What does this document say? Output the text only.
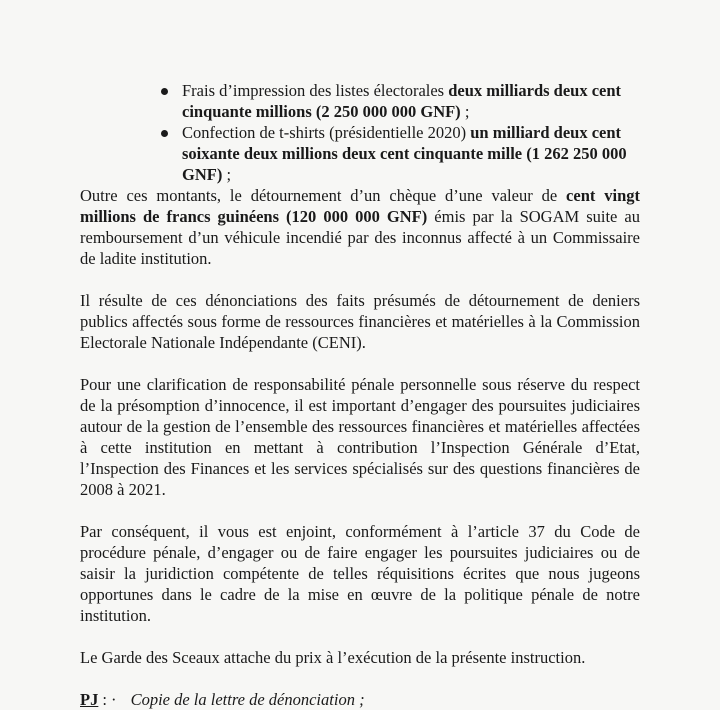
Frais d’impression des listes électorales deux milliards deux cent cinquante millions (2 250 000 000 GNF) ;
Confection de t-shirts (présidentielle 2020) un milliard deux cent soixante deux millions deux cent cinquante mille (1 262 250 000 GNF) ;

Outre ces montants, le détournement d’un chèque d’une valeur de cent vingt millions de francs guinéens (120 000 000 GNF) émis par la SOGAM suite au remboursement d’un véhicule incendié par des inconnus affecté à un Commissaire de ladite institution.

Il résulte de ces dénonciations des faits présumés de détournement de deniers publics affectés sous forme de ressources financières et matérielles à la Commission Electorale Nationale Indépendante (CENI).

Pour une clarification de responsabilité pénale personnelle sous réserve du respect de la présomption d’innocence, il est important d’engager des poursuites judiciaires autour de la gestion de l’ensemble des ressources financières et matérielles affectées à cette institution en mettant à contribution l’Inspection Générale d’Etat, l’Inspection des Finances et les services spécialisés sur des questions financières de 2008 à 2021.

Par conséquent, il vous est enjoint, conformément à l’article 37 du Code de procédure pénale, d’engager ou de faire engager les poursuites judiciaires ou de saisir la juridiction compétente de telles réquisitions écrites que nous jugeons opportunes dans le cadre de la mise en œuvre de la politique pénale de notre institution.

Le Garde des Sceaux attache du prix à l’exécution de la présente instruction.

PJ : · Copie de la lettre de dénonciation ;
